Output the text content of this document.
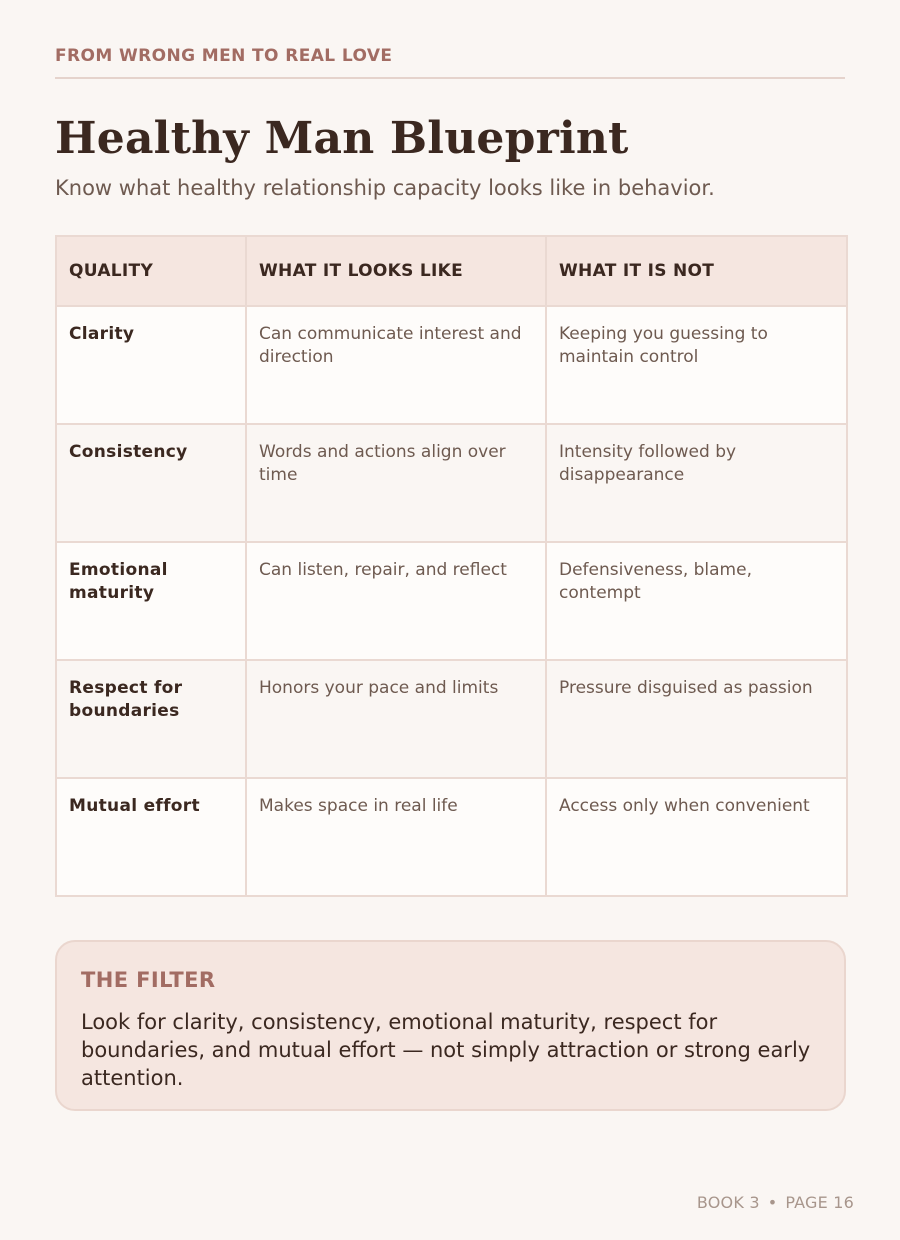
FROM WRONG MEN TO REAL LOVE
Healthy Man Blueprint
Know what healthy relationship capacity looks like in behavior.
QUALITY	WHAT IT LOOKS LIKE	WHAT IT IS NOT
Clarity	Can communicate interest and direction	Keeping you guessing to maintain control
Consistency	Words and actions align over time	Intensity followed by disappearance
Emotional maturity	Can listen, repair, and reflect	Defensiveness, blame, contempt
Respect for boundaries	Honors your pace and limits	Pressure disguised as passion
Mutual effort	Makes space in real life	Access only when convenient
THE FILTER
Look for clarity, consistency, emotional maturity, respect for boundaries, and mutual effort — not simply attraction or strong early attention.
BOOK 3 • PAGE 16
